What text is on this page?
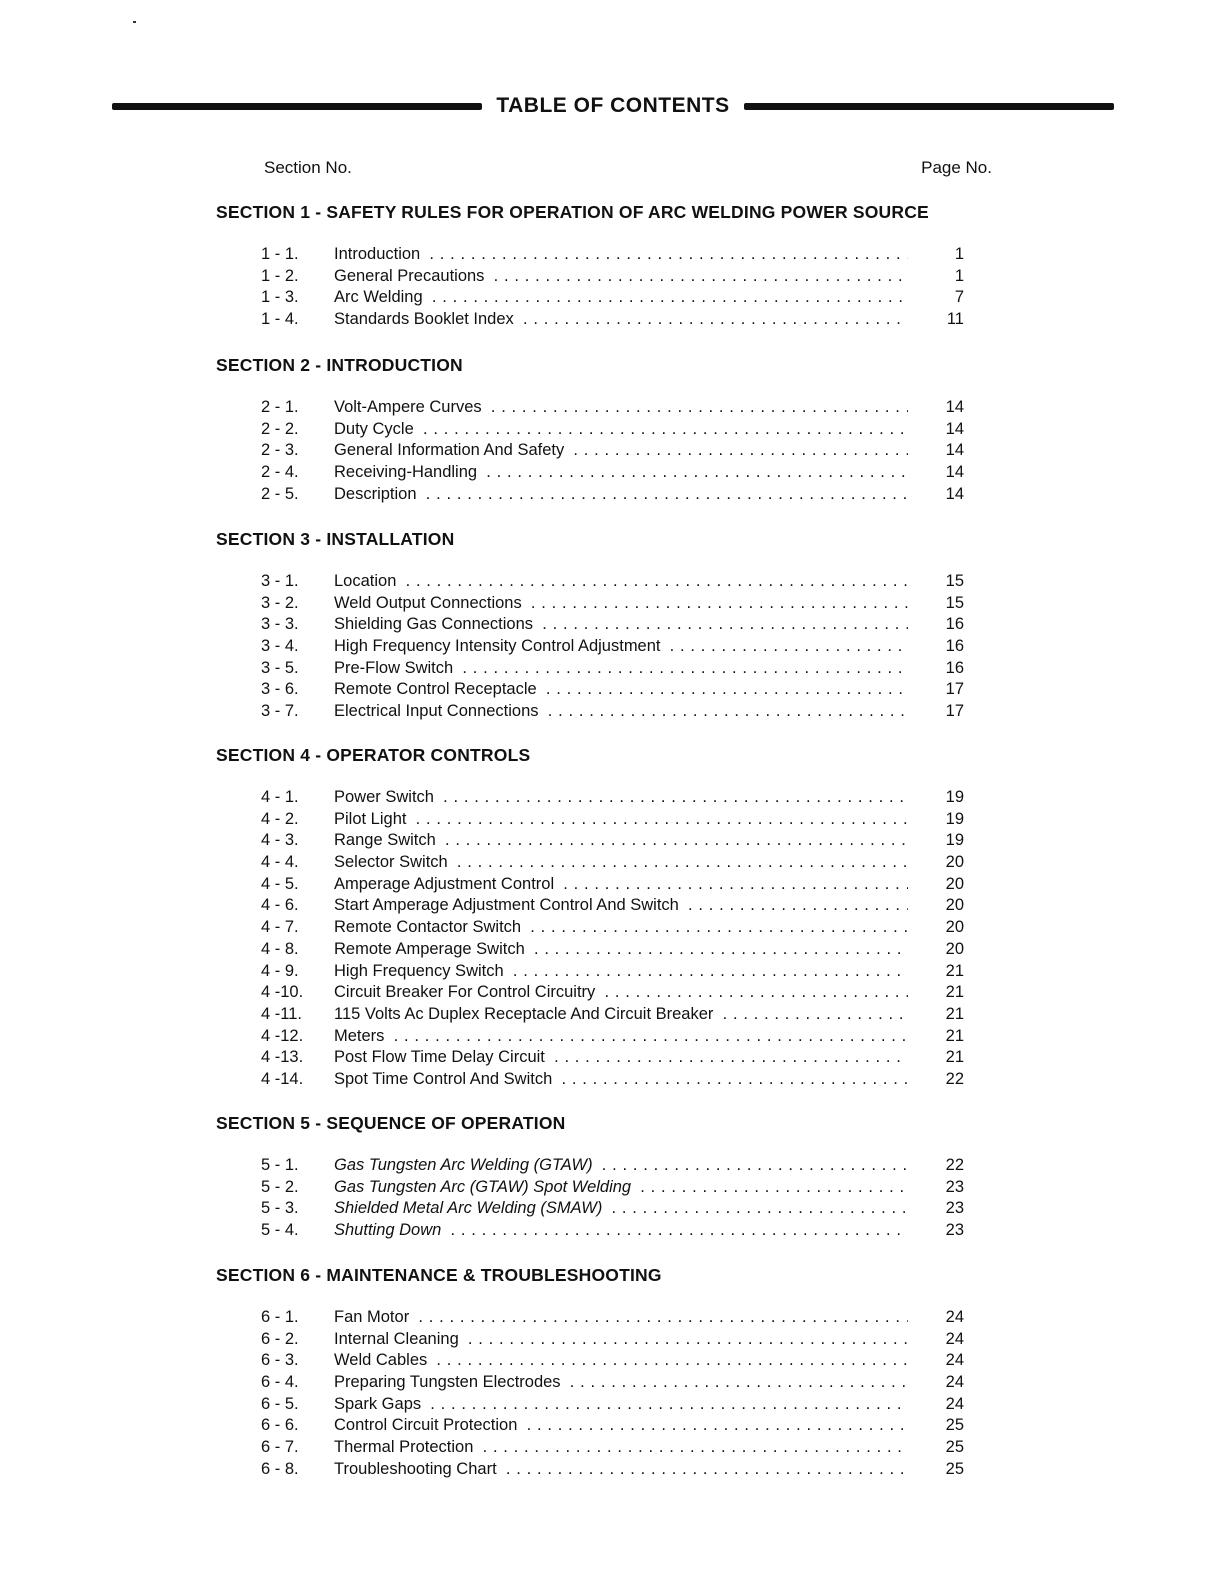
TABLE OF CONTENTS
Section No.	Page No.
SECTION 1 - SAFETY RULES FOR OPERATION OF ARC WELDING POWER SOURCE
1 - 1.	Introduction . . .	1
1 - 2.	General Precautions . . .	1
1 - 3.	Arc Welding . . .	7
1 - 4.	Standards Booklet Index . . .	11
SECTION 2 - INTRODUCTION
2 - 1.	Volt-Ampere Curves . . .	14
2 - 2.	Duty Cycle . . .	14
2 - 3.	General Information And Safety . . .	14
2 - 4.	Receiving-Handling . . .	14
2 - 5.	Description . . .	14
SECTION 3 - INSTALLATION
3 - 1.	Location . . .	15
3 - 2.	Weld Output Connections . . .	15
3 - 3.	Shielding Gas Connections . . .	16
3 - 4.	High Frequency Intensity Control Adjustment . . .	16
3 - 5.	Pre-Flow Switch . . .	16
3 - 6.	Remote Control Receptacle . . .	17
3 - 7.	Electrical Input Connections . . .	17
SECTION 4 - OPERATOR CONTROLS
4 - 1.	Power Switch . . .	19
4 - 2.	Pilot Light . . .	19
4 - 3.	Range Switch . . .	19
4 - 4.	Selector Switch . . .	20
4 - 5.	Amperage Adjustment Control . . .	20
4 - 6.	Start Amperage Adjustment Control And Switch . . .	20
4 - 7.	Remote Contactor Switch . . .	20
4 - 8.	Remote Amperage Switch . . .	20
4 - 9.	High Frequency Switch . . .	21
4 -10.	Circuit Breaker For Control Circuitry . . .	21
4 -11.	115 Volts Ac Duplex Receptacle And Circuit Breaker . . .	21
4 -12.	Meters . . .	21
4 -13.	Post Flow Time Delay Circuit . . .	21
4 -14.	Spot Time Control And Switch . . .	22
SECTION 5 - SEQUENCE OF OPERATION
5 - 1.	Gas Tungsten Arc Welding (GTAW) . . .	22
5 - 2.	Gas Tungsten Arc (GTAW) Spot Welding . . .	23
5 - 3.	Shielded Metal Arc Welding (SMAW) . . .	23
5 - 4.	Shutting Down . . .	23
SECTION 6 - MAINTENANCE & TROUBLESHOOTING
6 - 1.	Fan Motor . . .	24
6 - 2.	Internal Cleaning . . .	24
6 - 3.	Weld Cables . . .	24
6 - 4.	Preparing Tungsten Electrodes . . .	24
6 - 5.	Spark Gaps . . .	24
6 - 6.	Control Circuit Protection . . .	25
6 - 7.	Thermal Protection . . .	25
6 - 8.	Troubleshooting Chart . . .	25
